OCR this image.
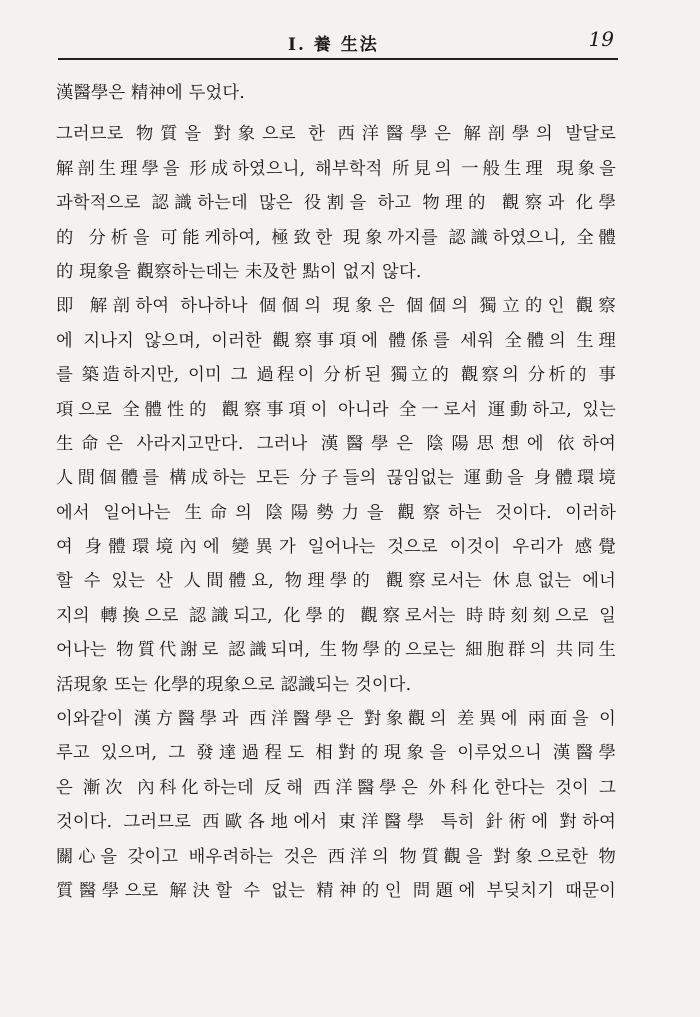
I. 養 生法	19
漢醫學은 精神에 두었다.
그러므로 物質을 對象으로 한 西洋醫學은 解剖學의 발달로
解剖生理學을 形成하였으니, 해부학적 所見의 一般生理 現象을
과학적으로 認識하는데 많은 役割을 하고 物理的 觀察과 化學
的 分析을 可能케하여, 極致한 現象까지를 認識하였으니, 全體
的 現象을 觀察하는데는 未及한 點이 없지 않다.
即 解剖하여 하나하나 個個의 現象은 個個의 獨立的인 觀察
에 지나지 않으며, 이러한 觀察事項에 體係를 세워 全體의 生理
를 築造하지만, 이미 그 過程이 分析된 獨立的 觀察의 分析的 事
項으로 全體性的 觀察事項이 아니라 全一로서 運動하고, 있는
生命은 사라지고만다. 그러나 漢醫學은 陰陽思想에 依하여
人間個體를 構成하는 모든 分子들의 끊임없는 運動을 身體環境
에서 일어나는 生命의 陰陽勢力을 觀察하는 것이다. 이러하
여 身體環境內에 變異가 일어나는 것으로 이것이 우리가 感覺
할 수 있는 산 人間體요, 物理學的 觀察로서는 休息없는 에너
지의 轉換으로 認識되고, 化學的 觀察로서는 時時刻刻으로 일
어나는 物質代謝로 認識되며, 生物學的으로는 細胞群의 共同生
活現象 또는 化學的現象으로 認識되는 것이다.
이와같이 漢方醫學과 西洋醫學은 對象觀의 差異에 兩面을 이
루고 있으며, 그 發達過程도 相對的現象을 이루었으니 漢醫學
은 漸次 內科化하는데 反해 西洋醫學은 外科化한다는 것이 그
것이다. 그러므로 西歐各地에서 東洋醫學 특히 針術에 對하여
關心을 갖이고 배우려하는 것은 西洋의 物質觀을 對象으로한 物
質醫學으로 解決할 수 없는 精神的인 問題에 부딪치기 때문이
